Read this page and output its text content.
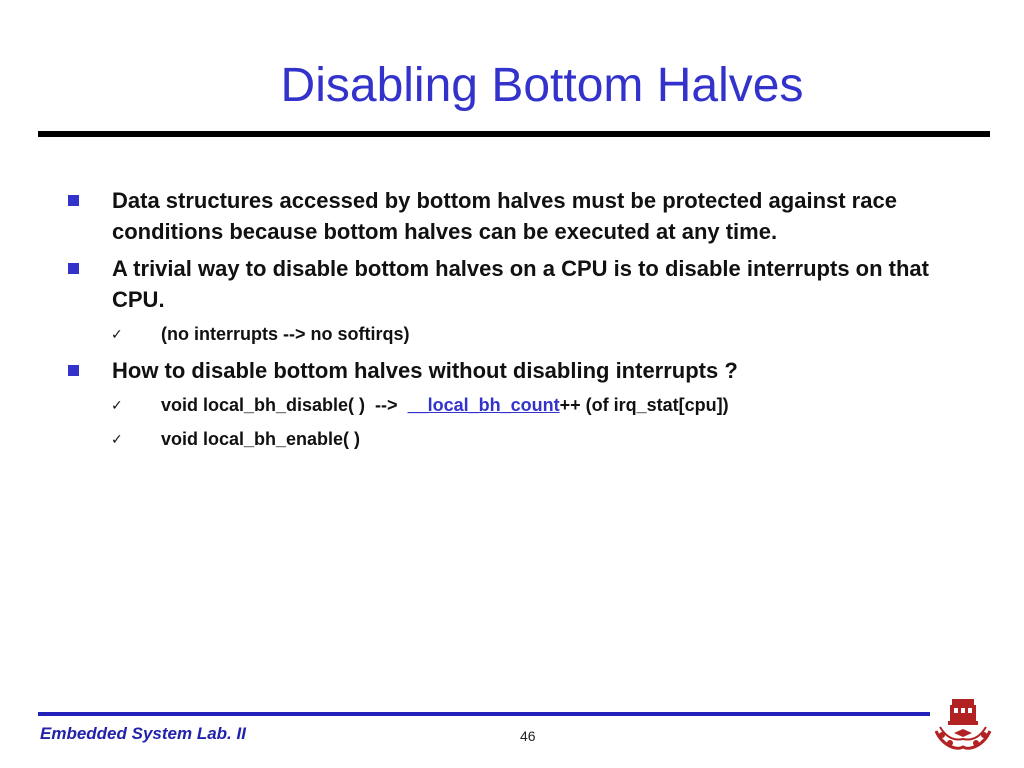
Disabling Bottom Halves
Data structures accessed by bottom halves must be protected against race conditions because bottom halves can be executed at any time.
A trivial way to disable bottom halves on a CPU is to disable interrupts on that CPU.
✓ (no interrupts --> no softirqs)
How to disable bottom halves without disabling interrupts ?
✓ void local_bh_disable( )  -->  __local_bh_count++ (of irq_stat[cpu])
✓ void local_bh_enable( )
Embedded System Lab. II	46
